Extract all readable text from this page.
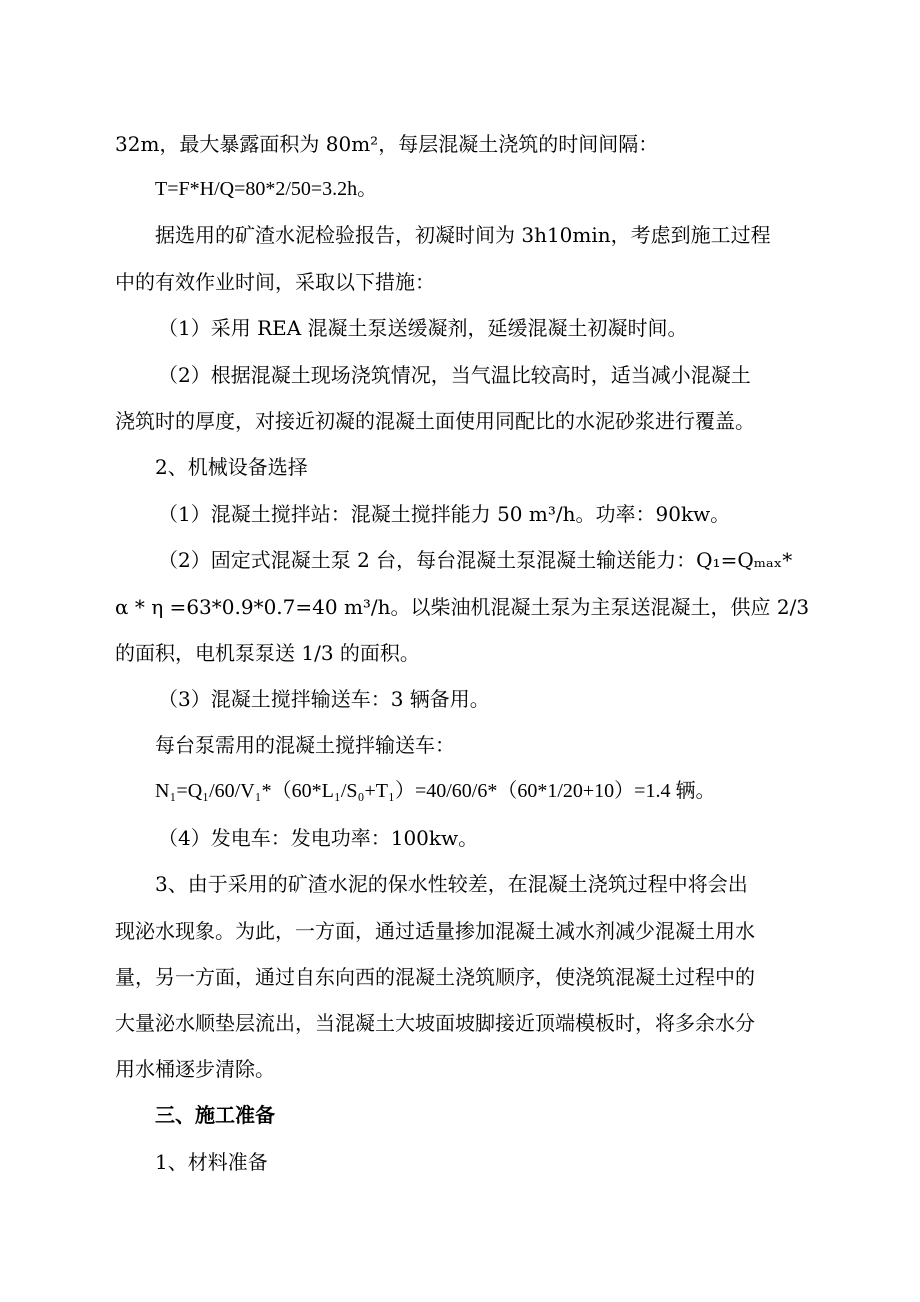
32m，最大暴露面积为 80m²，每层混凝土浇筑的时间间隔：
T=F*H/Q=80*2/50=3.2h。
据选用的矿渣水泥检验报告，初凝时间为 3h10min，考虑到施工过程
中的有效作业时间，采取以下措施：
（1）采用 REA 混凝土泵送缓凝剂，延缓混凝土初凝时间。
（2）根据混凝土现场浇筑情况，当气温比较高时，适当减小混凝土
浇筑时的厚度，对接近初凝的混凝土面使用同配比的水泥砂浆进行覆盖。
2、机械设备选择
（1）混凝土搅拌站：混凝土搅拌能力 50 m³/h。功率：90kw。
（2）固定式混凝土泵 2 台，每台混凝土泵混凝土输送能力：Q₁=Qₘₐₓ*
α * η =63*0.9*0.7=40 m³/h。以柴油机混凝土泵为主泵送混凝土，供应 2/3
的面积，电机泵泵送 1/3 的面积。
（3）混凝土搅拌输送车：3 辆备用。
每台泵需用的混凝土搅拌输送车：
N₁=Q₁/60/V₁*（60*L₁/S₀+T₁）=40/60/6*（60*1/20+10）=1.4 辆。
（4）发电车：发电功率：100kw。
3、由于采用的矿渣水泥的保水性较差，在混凝土浇筑过程中将会出
现泌水现象。为此，一方面，通过适量掺加混凝土减水剂减少混凝土用水
量，另一方面，通过自东向西的混凝土浇筑顺序，使浇筑混凝土过程中的
大量泌水顺垫层流出，当混凝土大坡面坡脚接近顶端模板时，将多余水分
用水桶逐步清除。
三、施工准备
1、材料准备
